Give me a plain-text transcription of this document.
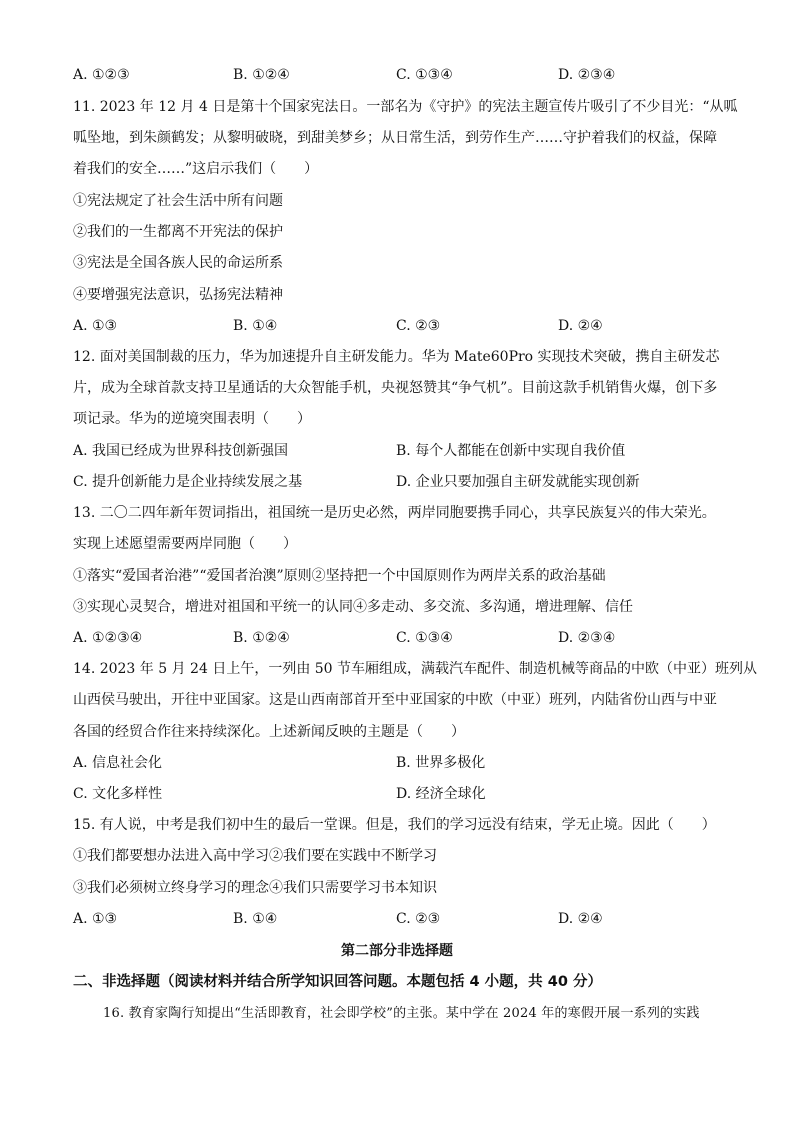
A. ①②③	B. ①②④	C. ①③④	D. ②③④
11. 2023 年 12 月 4 日是第十个国家宪法日。一部名为《守护》的宪法主题宣传片吸引了不少目光：“从呱
呱坠地，到朱颜鹤发；从黎明破晓，到甜美梦乡；从日常生活，到劳作生产……守护着我们的权益，保障
着我们的安全……”这启示我们（　　）
①宪法规定了社会生活中所有问题
②我们的一生都离不开宪法的保护
③宪法是全国各族人民的命运所系
④要增强宪法意识，弘扬宪法精神
A. ①③	B. ①④	C. ②③	D. ②④
12. 面对美国制裁的压力，华为加速提升自主研发能力。华为 Mate60Pro 实现技术突破，携自主研发芯
片，成为全球首款支持卫星通话的大众智能手机，央视怒赞其“争气机”。目前这款手机销售火爆，创下多
项记录。华为的逆境突围表明（　　）
A. 我国已经成为世界科技创新强国	B. 每个人都能在创新中实现自我价值
C. 提升创新能力是企业持续发展之基	D. 企业只要加强自主研发就能实现创新
13. 二〇二四年新年贺词指出，祖国统一是历史必然，两岸同胞要携手同心，共享民族复兴的伟大荣光。
实现上述愿望需要两岸同胞（　　）
①落实“爱国者治港”“爱国者治澳”原则②坚持把一个中国原则作为两岸关系的政治基础
③实现心灵契合，增进对祖国和平统一的认同④多走动、多交流、多沟通，增进理解、信任
A. ①②③④	B. ①②④	C. ①③④	D. ②③④
14. 2023 年 5 月 24 日上午，一列由 50 节车厢组成，满载汽车配件、制造机械等商品的中欧（中亚）班列从
山西侯马驶出，开往中亚国家。这是山西南部首开至中亚国家的中欧（中亚）班列，内陆省份山西与中亚
各国的经贸合作往来持续深化。上述新闻反映的主题是（　　）
A. 信息社会化	B. 世界多极化
C. 文化多样性	D. 经济全球化
15. 有人说，中考是我们初中生的最后一堂课。但是，我们的学习远没有结束，学无止境。因此（　　）
①我们都要想办法进入高中学习②我们要在实践中不断学习
③我们必须树立终身学习的理念④我们只需要学习书本知识
A. ①③	B. ①④	C. ②③	D. ②④
第二部分非选择题
二、非选择题（阅读材料并结合所学知识回答问题。本题包括 4 小题，共 40 分）
16. 教育家陶行知提出“生活即教育，社会即学校”的主张。某中学在 2024 年的寒假开展一系列的实践
